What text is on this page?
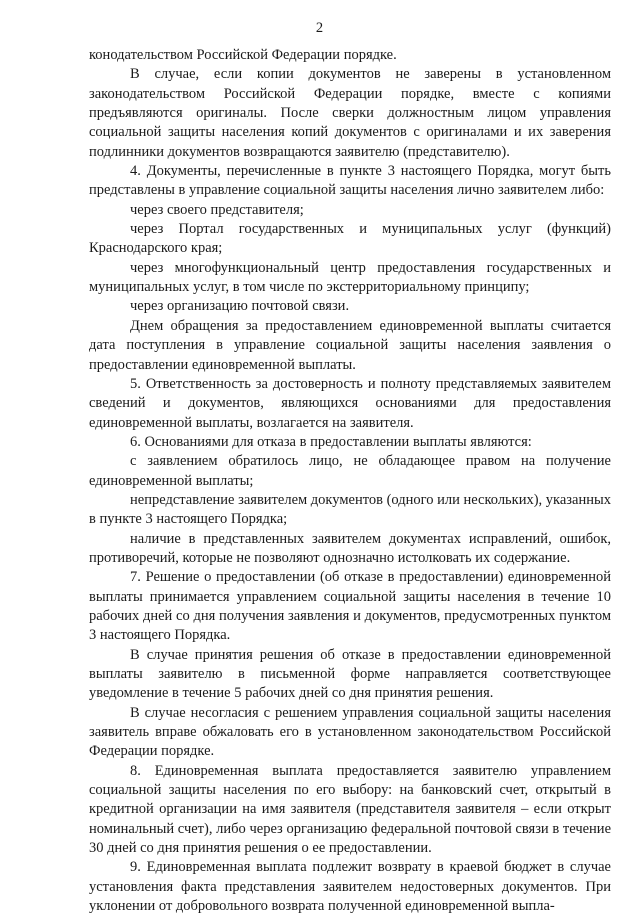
2

конодательством Российской Федерации порядке.

В случае, если копии документов не заверены в установленном законодательством Российской Федерации порядке, вместе с копиями предъявляются оригиналы. После сверки должностным лицом управления социальной защиты населения копий документов с оригиналами и их заверения подлинники документов возвращаются заявителю (представителю).

4. Документы, перечисленные в пункте 3 настоящего Порядка, могут быть представлены в управление социальной защиты населения лично заявителем либо:

через своего представителя;

через Портал государственных и муниципальных услуг (функций) Краснодарского края;

через многофункциональный центр предоставления государственных и муниципальных услуг, в том числе по экстерриториальному принципу;

через организацию почтовой связи.

Днем обращения за предоставлением единовременной выплаты считается дата поступления в управление социальной защиты населения заявления о предоставлении единовременной выплаты.

5. Ответственность за достоверность и полноту представляемых заявителем сведений и документов, являющихся основаниями для предоставления единовременной выплаты, возлагается на заявителя.

6. Основаниями для отказа в предоставлении выплаты являются:

с заявлением обратилось лицо, не обладающее правом на получение единовременной выплаты;

непредставление заявителем документов (одного или нескольких), указанных в пункте 3 настоящего Порядка;

наличие в представленных заявителем документах исправлений, ошибок, противоречий, которые не позволяют однозначно истолковать их содержание.

7. Решение о предоставлении (об отказе в предоставлении) единовременной выплаты принимается управлением социальной защиты населения в течение 10 рабочих дней со дня получения заявления и документов, предусмотренных пунктом 3 настоящего Порядка.

В случае принятия решения об отказе в предоставлении единовременной выплаты заявителю в письменной форме направляется соответствующее уведомление в течение 5 рабочих дней со дня принятия решения.

В случае несогласия с решением управления социальной защиты населения заявитель вправе обжаловать его в установленном законодательством Российской Федерации порядке.

8. Единовременная выплата предоставляется заявителю управлением социальной защиты населения по его выбору: на банковский счет, открытый в кредитной организации на имя заявителя (представителя заявителя – если открыт номинальный счет), либо через организацию федеральной почтовой связи в течение 30 дней со дня принятия решения о ее предоставлении.

9. Единовременная выплата подлежит возврату в краевой бюджет в случае установления факта представления заявителем недостоверных документов. При уклонении от добровольного возврата полученной единовременной выпла-
